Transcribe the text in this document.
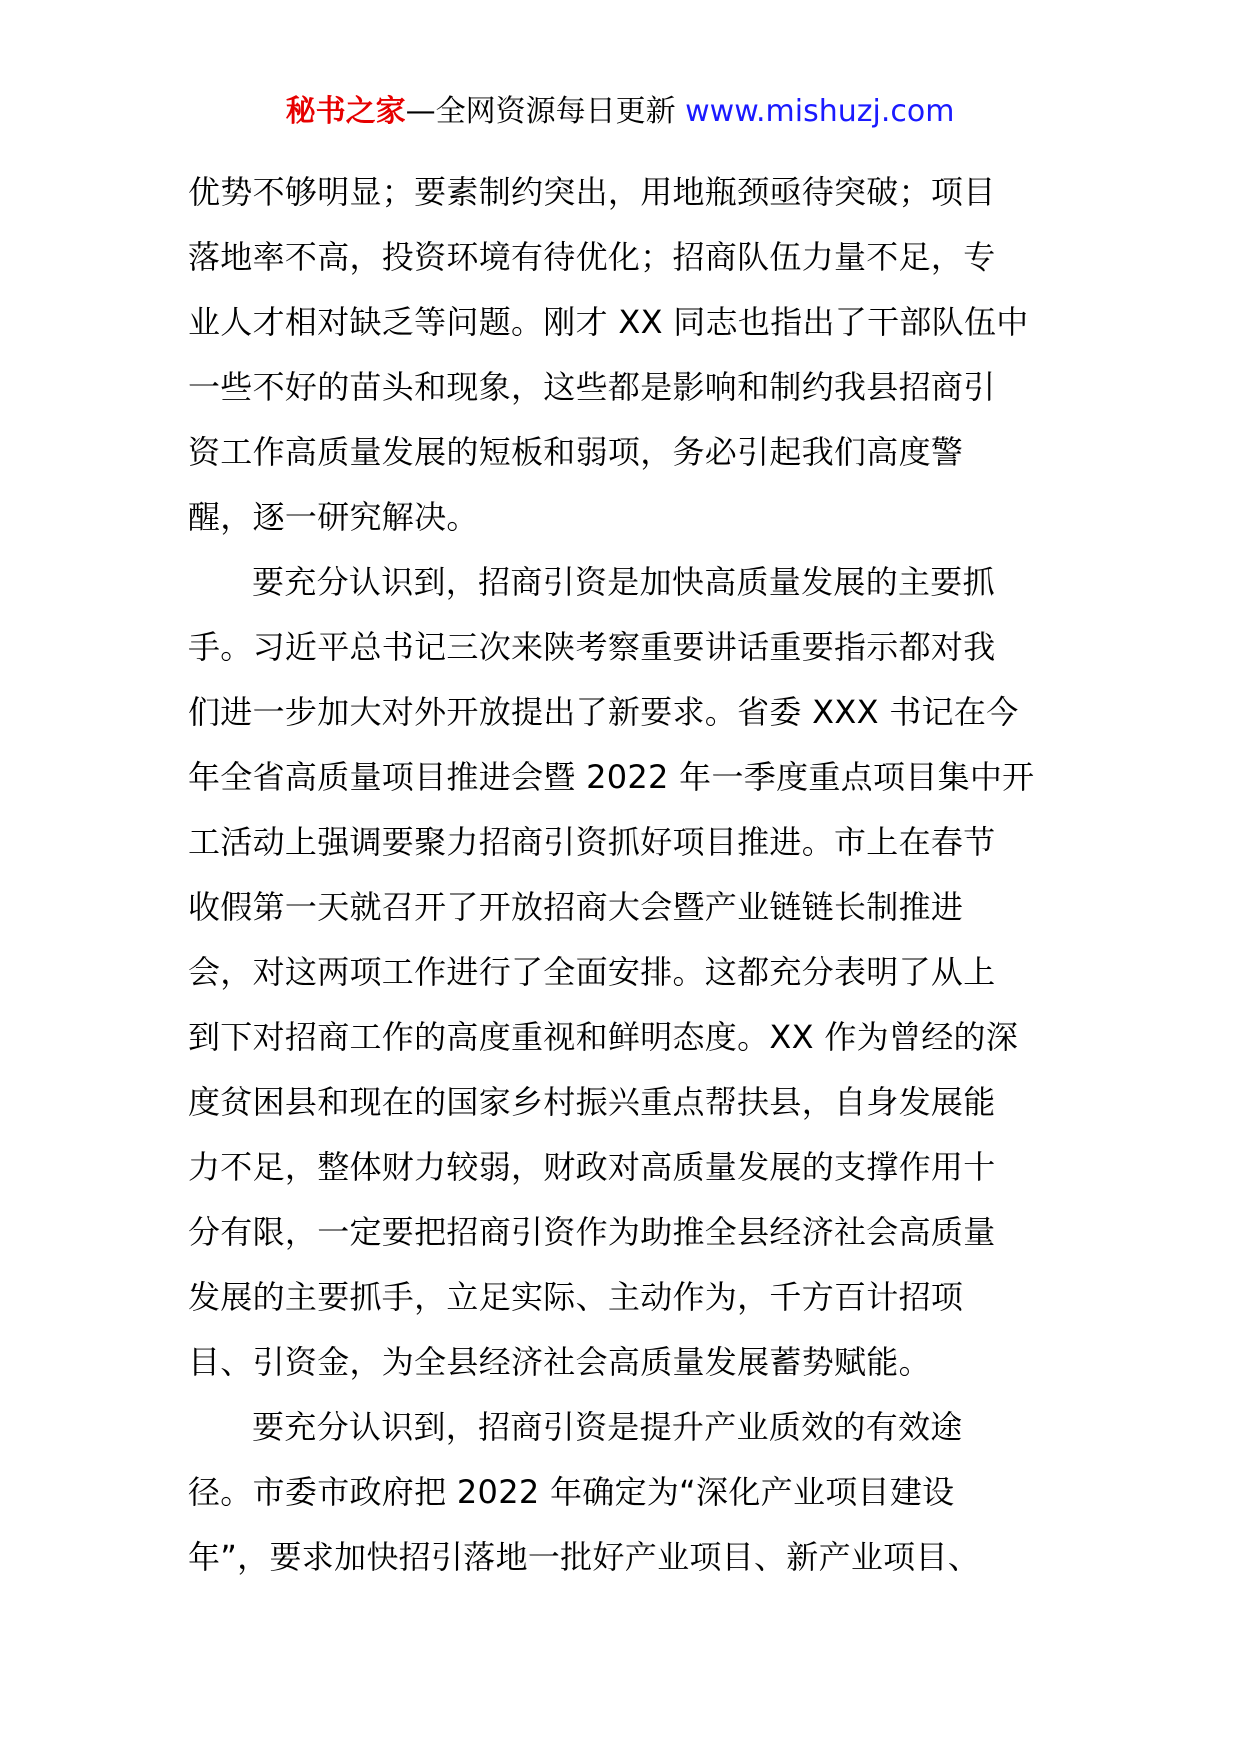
秘书之家—全网资源每日更新 www.mishuzj.com
优势不够明显；要素制约突出，用地瓶颈亟待突破；项目
落地率不高，投资环境有待优化；招商队伍力量不足，专
业人才相对缺乏等问题。刚才 XX 同志也指出了干部队伍中
一些不好的苗头和现象，这些都是影响和制约我县招商引
资工作高质量发展的短板和弱项，务必引起我们高度警
醒，逐一研究解决。
要充分认识到，招商引资是加快高质量发展的主要抓
手。习近平总书记三次来陕考察重要讲话重要指示都对我
们进一步加大对外开放提出了新要求。省委 XXX 书记在今
年全省高质量项目推进会暨 2022 年一季度重点项目集中开
工活动上强调要聚力招商引资抓好项目推进。市上在春节
收假第一天就召开了开放招商大会暨产业链链长制推进
会，对这两项工作进行了全面安排。这都充分表明了从上
到下对招商工作的高度重视和鲜明态度。XX 作为曾经的深
度贫困县和现在的国家乡村振兴重点帮扶县，自身发展能
力不足，整体财力较弱，财政对高质量发展的支撑作用十
分有限，一定要把招商引资作为助推全县经济社会高质量
发展的主要抓手，立足实际、主动作为，千方百计招项
目、引资金，为全县经济社会高质量发展蓄势赋能。
要充分认识到，招商引资是提升产业质效的有效途
径。市委市政府把 2022 年确定为“深化产业项目建设
年”，要求加快招引落地一批好产业项目、新产业项目、
